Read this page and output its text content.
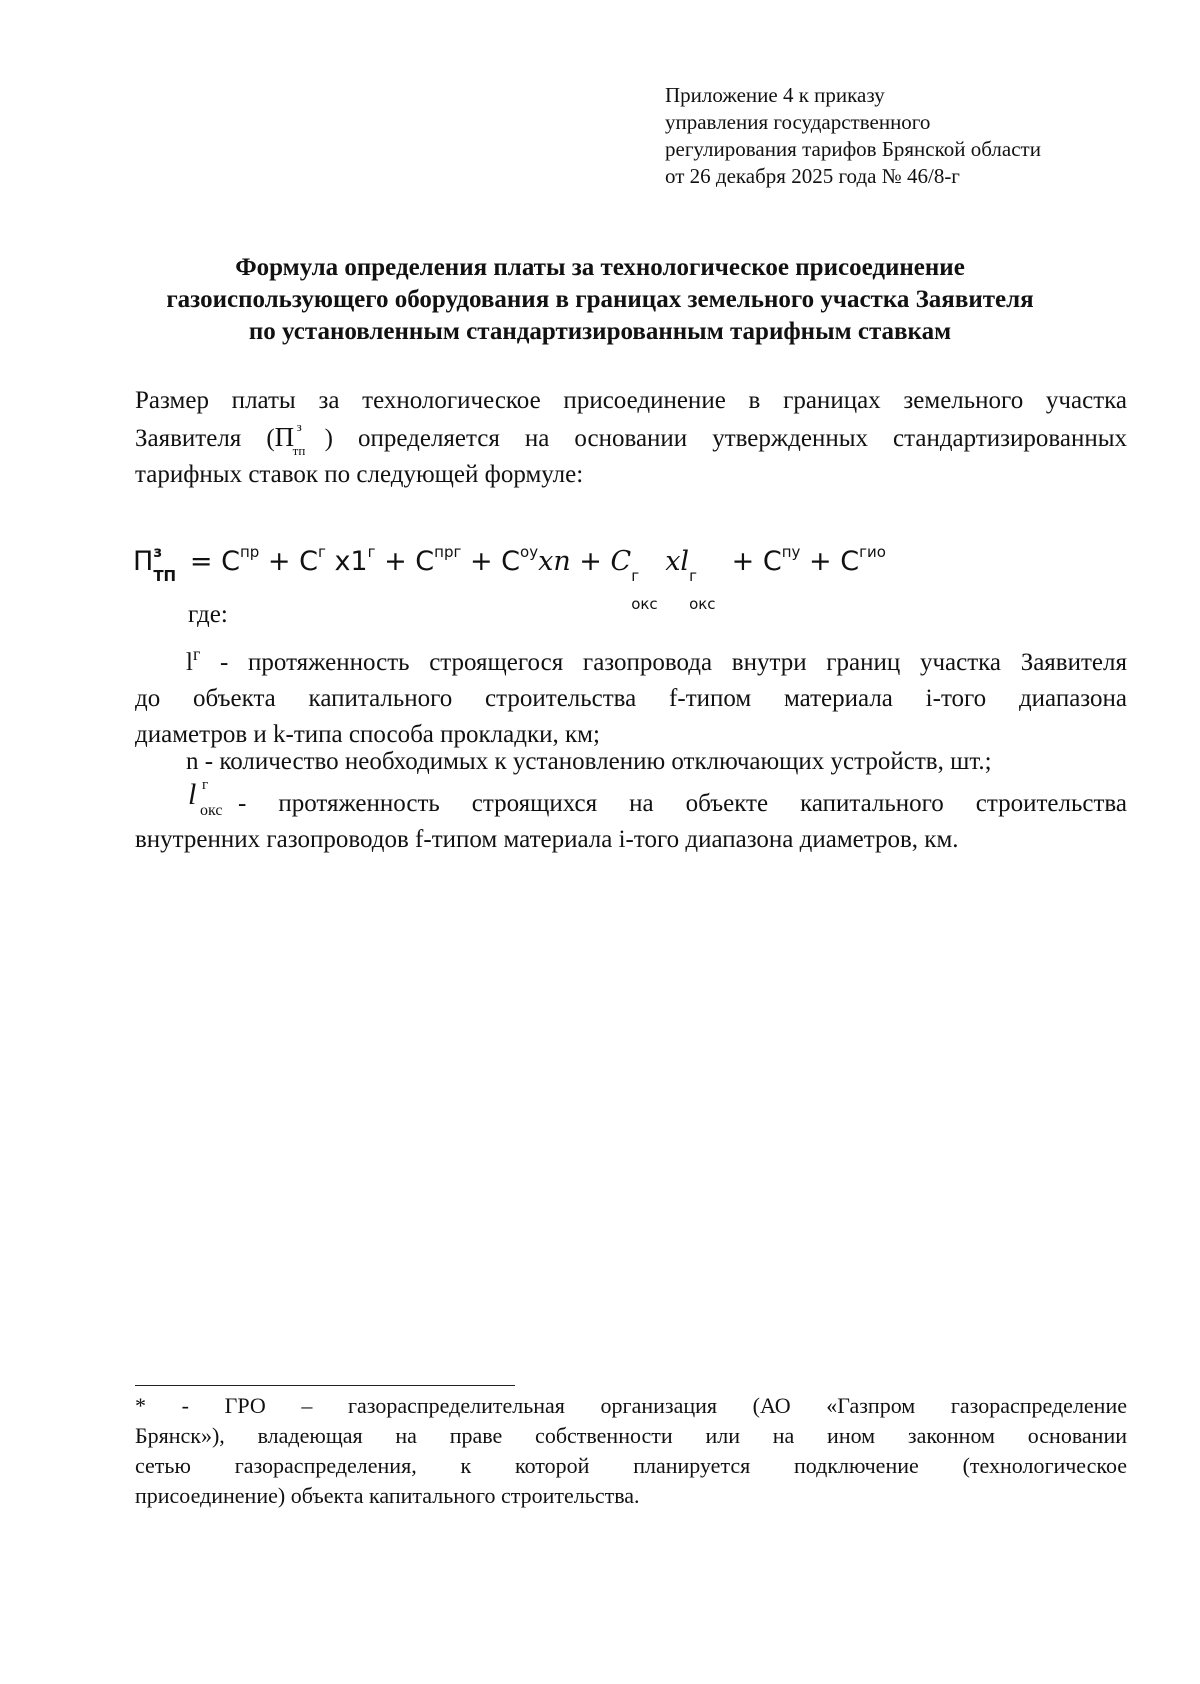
Приложение 4 к приказу
управления государственного
регулирования тарифов Брянской области
от 26 декабря 2025 года № 46/8-г
Формула определения платы за технологическое присоединение
газоиспользующего оборудования в границах земельного участка Заявителя
по установленным стандартизированным тарифным ставкам
Размер платы за технологическое присоединение в границах земельного участка
Заявителя (П з
тп ) определяется на основании утвержденных стандартизированных
тарифных ставок по следующей формуле:
П з
ТП = $С^{пр} + С^г$ $x1^г + С^{прг} + С^{оу}xn + С$ г
окс
xl г
окс
+ $С^{пу} + С^{гио}$
где:
$l^г$ - протяженность строящегося газопровода внутри границ участка Заявителя
до объекта капитального строительства f-типом материала i-того диапазона
диаметров и k-типа способа прокладки, км;
n - количество необходимых к установлению отключающих устройств, шт.;
l г
окс - протяженность строящихся на объекте капитального строительства
внутренних газопроводов f-типом материала i-того диапазона диаметров, км.
* - ГРО – газораспределительная организация (АО «Газпром газораспределение
Брянск»), владеющая на праве собственности или на ином законном основании
сетью газораспределения, к которой планируется подключение (технологическое
присоединение) объекта капитального строительства.
